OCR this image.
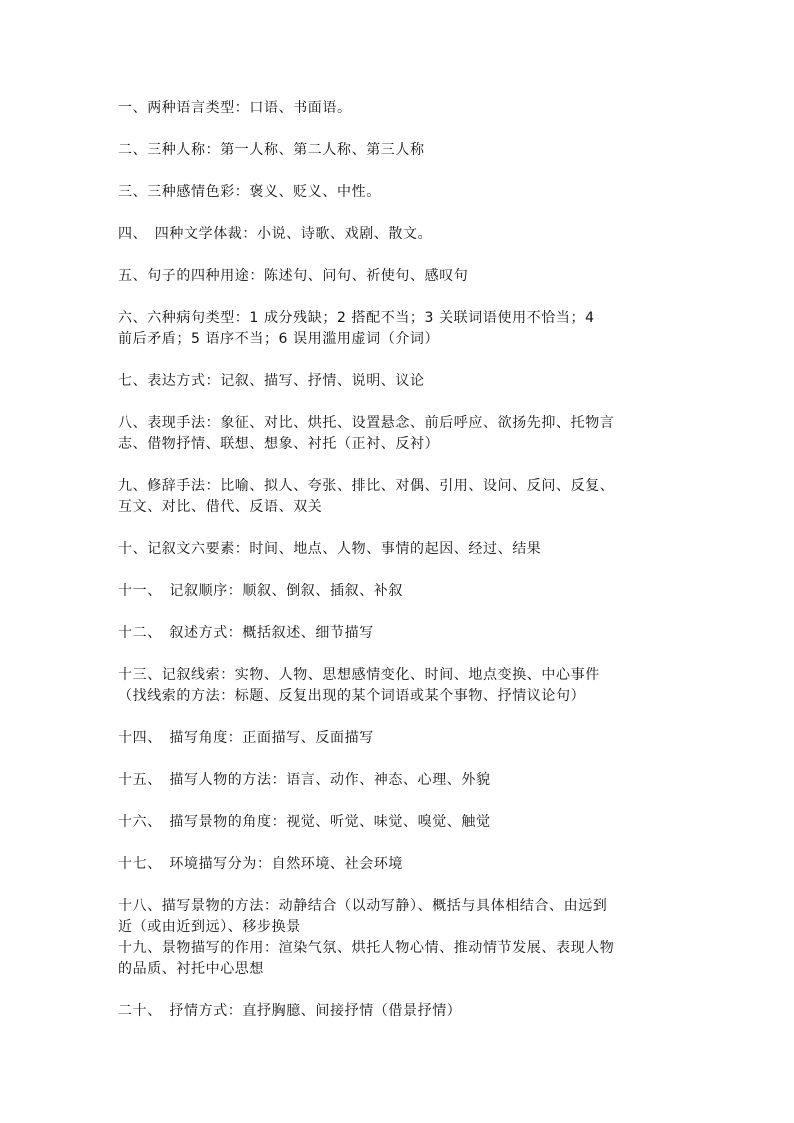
一、两种语言类型：口语、书面语。
二、三种人称：第一人称、第二人称、第三人称
三、三种感情色彩：褒义、贬义、中性。
四、　四种文学体裁：小说、诗歌、戏剧、散文。
五、句子的四种用途：陈述句、问句、祈使句、感叹句
六、六种病句类型：1 成分残缺；2 搭配不当；3 关联词语使用不恰当；4
前后矛盾；5 语序不当；6 误用滥用虚词（介词）
七、表达方式：记叙、描写、抒情、说明、议论
八、表现手法：象征、对比、烘托、设置悬念、前后呼应、欲扬先抑、托物言
志、借物抒情、联想、想象、衬托（正衬、反衬）
九、修辞手法：比喻、拟人、夸张、排比、对偶、引用、设问、反问、反复、
互文、对比、借代、反语、双关
十、记叙文六要素：时间、地点、人物、事情的起因、经过、结果
十一、　记叙顺序：顺叙、倒叙、插叙、补叙
十二、　叙述方式：概括叙述、细节描写
十三、记叙线索：实物、人物、思想感情变化、时间、地点变换、中心事件
（找线索的方法：标题、反复出现的某个词语或某个事物、抒情议论句）
十四、　描写角度：正面描写、反面描写
十五、　描写人物的方法：语言、动作、神态、心理、外貌
十六、　描写景物的角度：视觉、听觉、味觉、嗅觉、触觉
十七、　环境描写分为：自然环境、社会环境
十八、描写景物的方法：动静结合（以动写静）、概括与具体相结合、由远到
近（或由近到远）、移步换景
十九、景物描写的作用：渲染气氛、烘托人物心情、推动情节发展、表现人物
的品质、衬托中心思想
二十、　抒情方式：直抒胸臆、间接抒情（借景抒情）
